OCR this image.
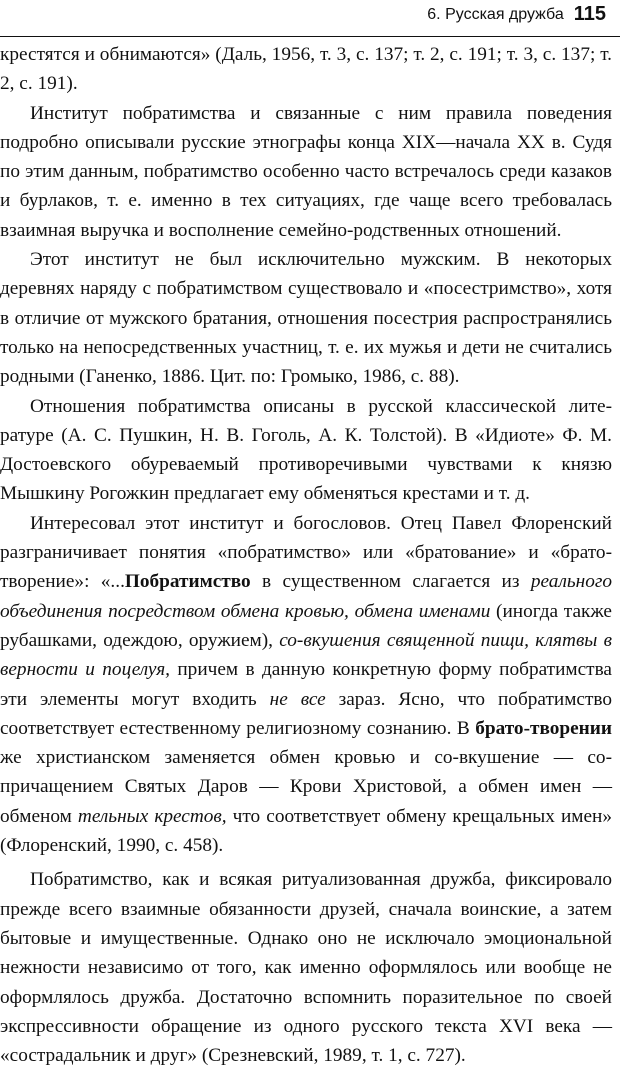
6. Русская дружба 115

крестятся и обнимаются» (Даль, 1956, т. 3, с. 137; т. 2, с. 191; т. 3, с. 137; т. 2, с. 191).

Институт побратимства и связанные с ним правила поведения подробно описывали русские этнографы конца XIX—начала XX в. Судя по этим данным, побратимство особенно часто встречалось среди казаков и бурлаков, т. е. именно в тех ситуациях, где чаще всего требовалась взаимная выручка и восполнение семейно-родственных отношений.

Этот институт не был исключительно мужским. В некоторых деревнях наряду с побратимством существовало и «посестримство», хотя в отличие от мужского братания, отношения посестрия распространялись только на непосредственных участниц, т. е. их мужья и дети не считались родными (Ганенко, 1886. Цит. по: Громыко, 1986, с. 88).

Отношения побратимства описаны в русской классической литературе (А. С. Пушкин, Н. В. Гоголь, А. К. Толстой). В «Идиоте» Ф. М. Достоевского обуреваемый противоречивыми чувствами к князю Мышкину Рогожкин предлагает ему обменяться крестами и т. д.

Интересовал этот институт и богословов. Отец Павел Флоренский разграничивает понятия «побратимство» или «братование» и «брато-творение»: «...Побратимство в существенном слагается из реального объединения посредством обмена кровью, обмена именами (иногда также рубашками, одеждою, оружием), со-вкушения священной пищи, клятвы в верности и поцелуя, причем в данную конкретную форму побратимства эти элементы могут входить не все зараз. Ясно, что побратимство соответствует естественному религиозному сознанию. В брато-творении же христианском заменяется обмен кровью и со-вкушение — со-причащением Святых Даров — Крови Христовой, а обмен имен — обменом тельных крестов, что соответствует обмену крещальных имен» (Флоренский, 1990, с. 458).

Побратимство, как и всякая ритуализованная дружба, фиксировало прежде всего взаимные обязанности друзей, сначала воинские, а затем бытовые и имущественные. Однако оно не исключало эмоциональной нежности независимо от того, как именно оформлялось или вообще не оформлялось дружба. Достаточно вспомнить поразительное по своей экспрессивности обращение из одного русского текста XVI века — «сострадальник и друг» (Срезневский, 1989, т. 1, с. 727).
